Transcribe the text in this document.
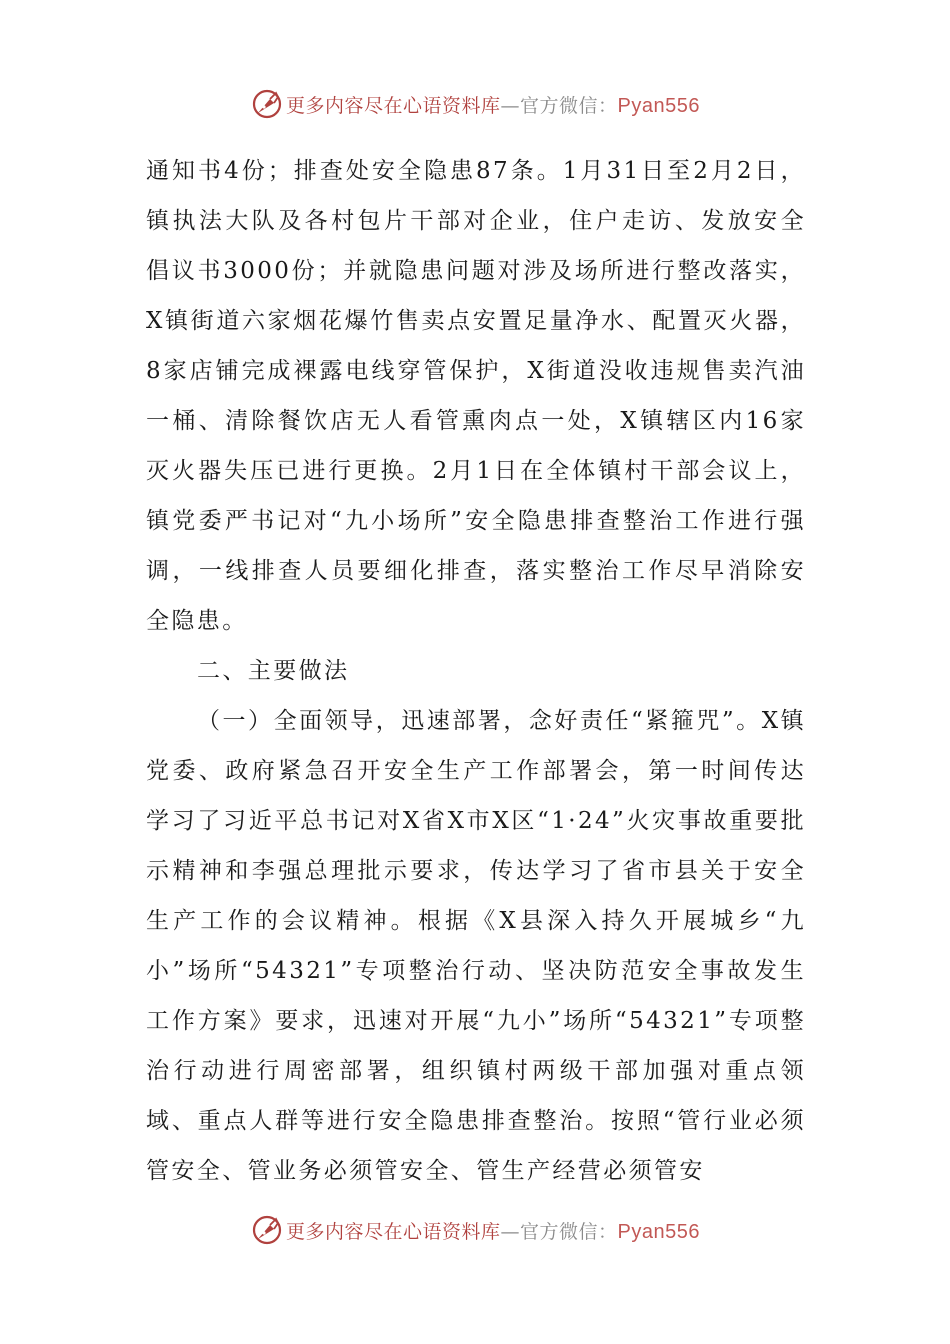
更多内容尽在心语资料库—官方微信：Pyan556

通知书4份；排查处安全隐患87条。1月31日至2月2日，镇执法大队及各村包片干部对企业，住户走访、发放安全倡议书3000份；并就隐患问题对涉及场所进行整改落实，X镇街道六家烟花爆竹售卖点安置足量净水、配置灭火器，8家店铺完成裸露电线穿管保护，X街道没收违规售卖汽油一桶、清除餐饮店无人看管熏肉点一处，X镇辖区内16家灭火器失压已进行更换。2月1日在全体镇村干部会议上，镇党委严书记对“九小场所”安全隐患排查整治工作进行强调，一线排查人员要细化排查，落实整治工作尽早消除安全隐患。

二、主要做法

（一）全面领导，迅速部署，念好责任“紧箍咒”。X镇党委、政府紧急召开安全生产工作部署会，第一时间传达学习了习近平总书记对X省X市X区“1·24”火灾事故重要批示精神和李强总理批示要求，传达学习了省市县关于安全生产工作的会议精神。根据《X县深入持久开展城乡“九小”场所“54321”专项整治行动、坚决防范安全事故发生工作方案》要求，迅速对开展“九小”场所“54321”专项整治行动进行周密部署，组织镇村两级干部加强对重点领域、重点人群等进行安全隐患排查整治。按照“管行业必须管安全、管业务必须管安全、管生产经营必须管安

更多内容尽在心语资料库—官方微信：Pyan556
